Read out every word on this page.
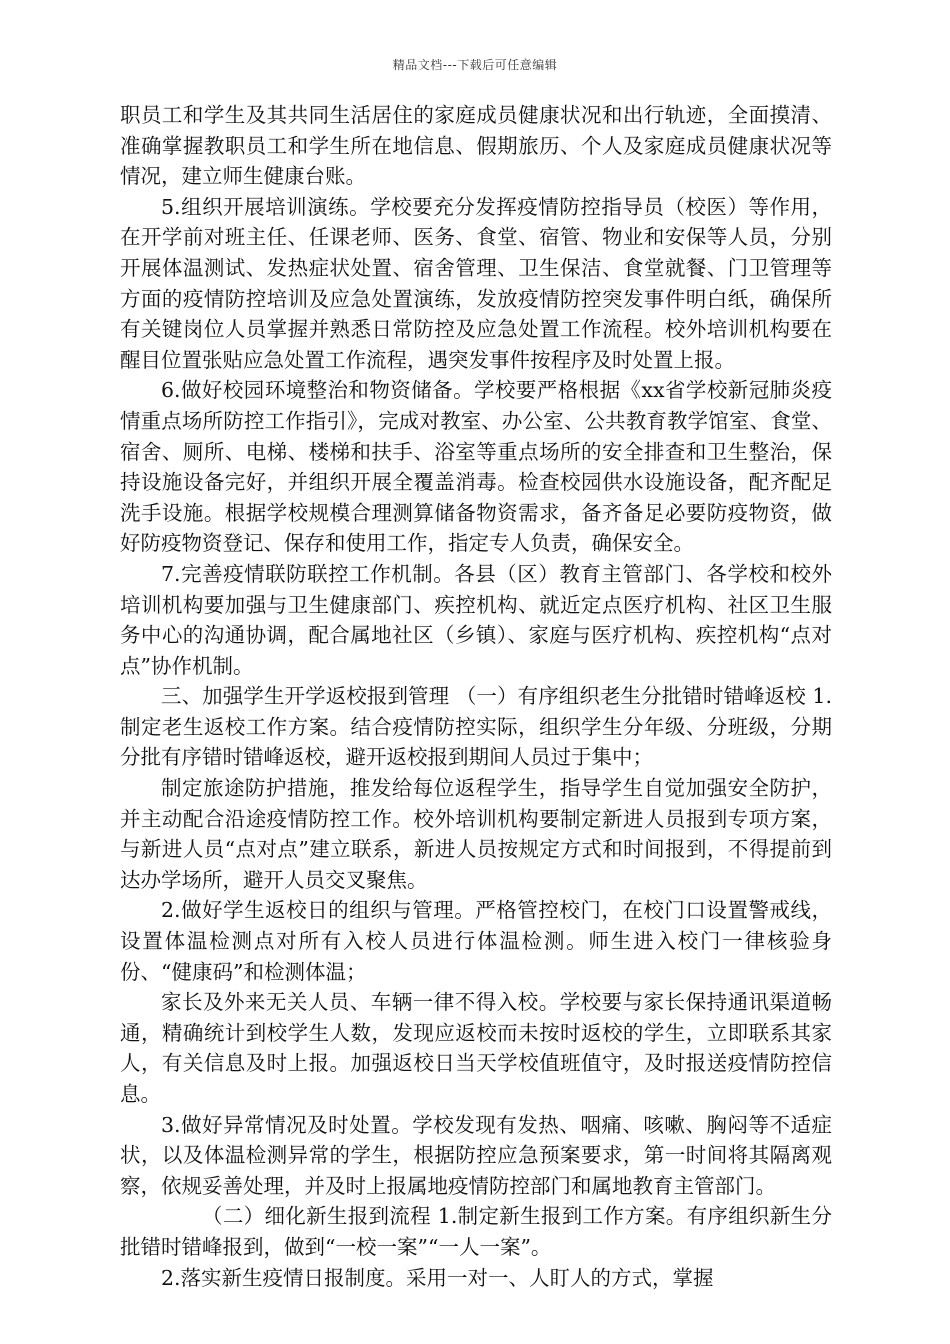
精品文档---下载后可任意编辑

职员工和学生及其共同生活居住的家庭成员健康状况和出行轨迹，全面摸清、准确掌握教职员工和学生所在地信息、假期旅历、个人及家庭成员健康状况等情况，建立师生健康台账。

5.组织开展培训演练。学校要充分发挥疫情防控指导员（校医）等作用，在开学前对班主任、任课老师、医务、食堂、宿管、物业和安保等人员，分别开展体温测试、发热症状处置、宿舍管理、卫生保洁、食堂就餐、门卫管理等方面的疫情防控培训及应急处置演练，发放疫情防控突发事件明白纸，确保所有关键岗位人员掌握并熟悉日常防控及应急处置工作流程。校外培训机构要在醒目位置张贴应急处置工作流程，遇突发事件按程序及时处置上报。

6.做好校园环境整治和物资储备。学校要严格根据《xx省学校新冠肺炎疫情重点场所防控工作指引》，完成对教室、办公室、公共教育教学馆室、食堂、宿舍、厕所、电梯、楼梯和扶手、浴室等重点场所的安全排查和卫生整治，保持设施设备完好，并组织开展全覆盖消毒。检查校园供水设施设备，配齐配足洗手设施。根据学校规模合理测算储备物资需求，备齐备足必要防疫物资，做好防疫物资登记、保存和使用工作，指定专人负责，确保安全。

7.完善疫情联防联控工作机制。各县（区）教育主管部门、各学校和校外培训机构要加强与卫生健康部门、疾控机构、就近定点医疗机构、社区卫生服务中心的沟通协调，配合属地社区（乡镇）、家庭与医疗机构、疾控机构“点对点”协作机制。

三、加强学生开学返校报到管理 （一）有序组织老生分批错时错峰返校 1.制定老生返校工作方案。结合疫情防控实际，组织学生分年级、分班级，分期分批有序错时错峰返校，避开返校报到期间人员过于集中；

制定旅途防护措施，推发给每位返程学生，指导学生自觉加强安全防护，并主动配合沿途疫情防控工作。校外培训机构要制定新进人员报到专项方案，与新进人员“点对点”建立联系，新进人员按规定方式和时间报到，不得提前到达办学场所，避开人员交叉聚焦。

2.做好学生返校日的组织与管理。严格管控校门，在校门口设置警戒线，设置体温检测点对所有入校人员进行体温检测。师生进入校门一律核验身份、“健康码”和检测体温；

家长及外来无关人员、车辆一律不得入校。学校要与家长保持通讯渠道畅通，精确统计到校学生人数，发现应返校而未按时返校的学生，立即联系其家人，有关信息及时上报。加强返校日当天学校值班值守，及时报送疫情防控信息。

3.做好异常情况及时处置。学校发现有发热、咽痛、咳嗽、胸闷等不适症状，以及体温检测异常的学生，根据防控应急预案要求，第一时间将其隔离观察，依规妥善处理，并及时上报属地疫情防控部门和属地教育主管部门。

（二）细化新生报到流程 1.制定新生报到工作方案。有序组织新生分批错时错峰报到，做到“一校一案”“一人一案”。

2.落实新生疫情日报制度。采用一对一、人盯人的方式，掌握
